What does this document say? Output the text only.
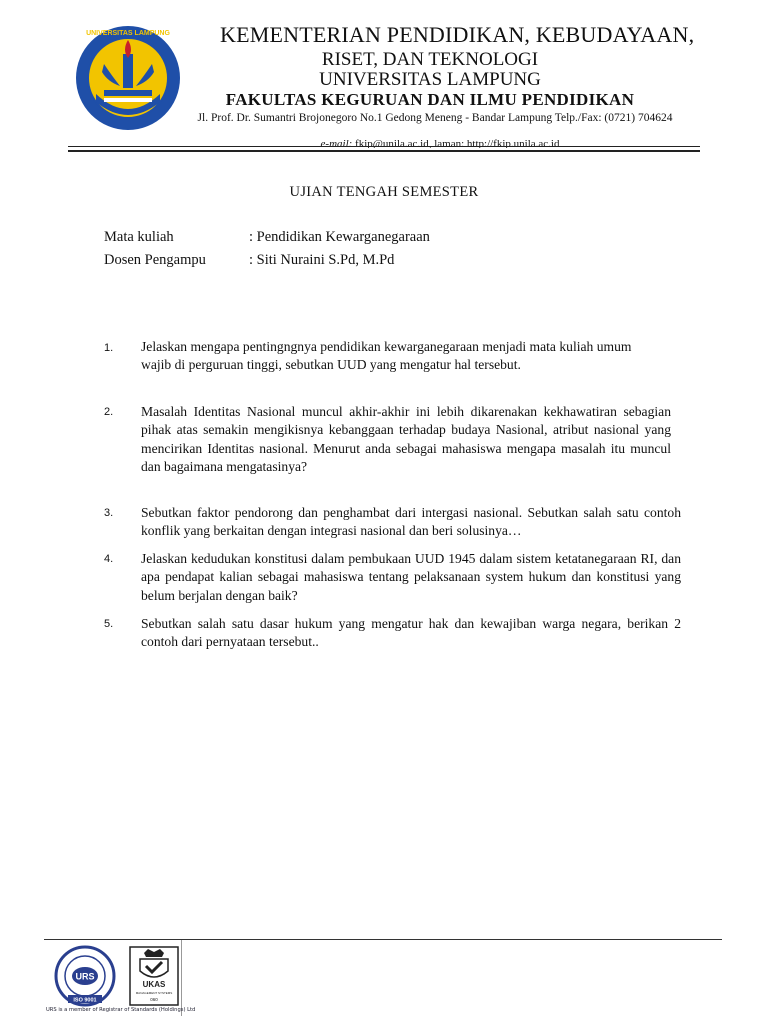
UNIVERSITAS LAMPUNG KEMENTERIAN PENDIDIKAN, KEBUDAYAAN,
RISET, DAN TEKNOLOGI
UNIVERSITAS LAMPUNG
FAKULTAS KEGURUAN DAN ILMU PENDIDIKAN
Jl. Prof. Dr. Sumantri Brojonegoro No.1 Gedong Meneng - Bandar Lampung Telp./Fax: (0721) 704624
e-mail: fkip@unila.ac.id, laman: http://fkip.unila.ac.id
UJIAN TENGAH SEMESTER
Mata kuliah	: Pendidikan Kewarganegaraan
Dosen Pengampu	: Siti Nuraini S.Pd, M.Pd
1. Jelaskan mengapa pentingngnya pendidikan kewarganegaraan menjadi mata kuliah umum wajib di perguruan tinggi, sebutkan UUD yang mengatur hal tersebut.
2. Masalah Identitas Nasional muncul akhir-akhir ini lebih dikarenakan kekhawatiran sebagian pihak atas semakin mengikisnya kebanggaan terhadap budaya Nasional, atribut nasional yang mencirikan Identitas nasional. Menurut anda sebagai mahasiswa mengapa masalah itu muncul dan bagaimana mengatasinya?
3. Sebutkan faktor pendorong dan penghambat dari intergasi nasional. Sebutkan salah satu contoh konflik yang berkaitan dengan integrasi nasional dan beri solusinya…
4. Jelaskan kedudukan konstitusi dalam pembukaan UUD 1945 dalam sistem ketatanegaraan RI, dan apa pendapat kalian sebagai mahasiswa tentang pelaksanaan system hukum dan konstitusi yang belum berjalan dengan baik?
5. Sebutkan salah satu dasar hukum yang mengatur hak dan kewajiban warga negara, berikan 2 contoh dari pernyataan tersebut..
URS
ISO 9001
UKAS
MANAGEMENT SYSTEMS
060
URS is a member of Registrar of Standards (Holdings) Ltd
